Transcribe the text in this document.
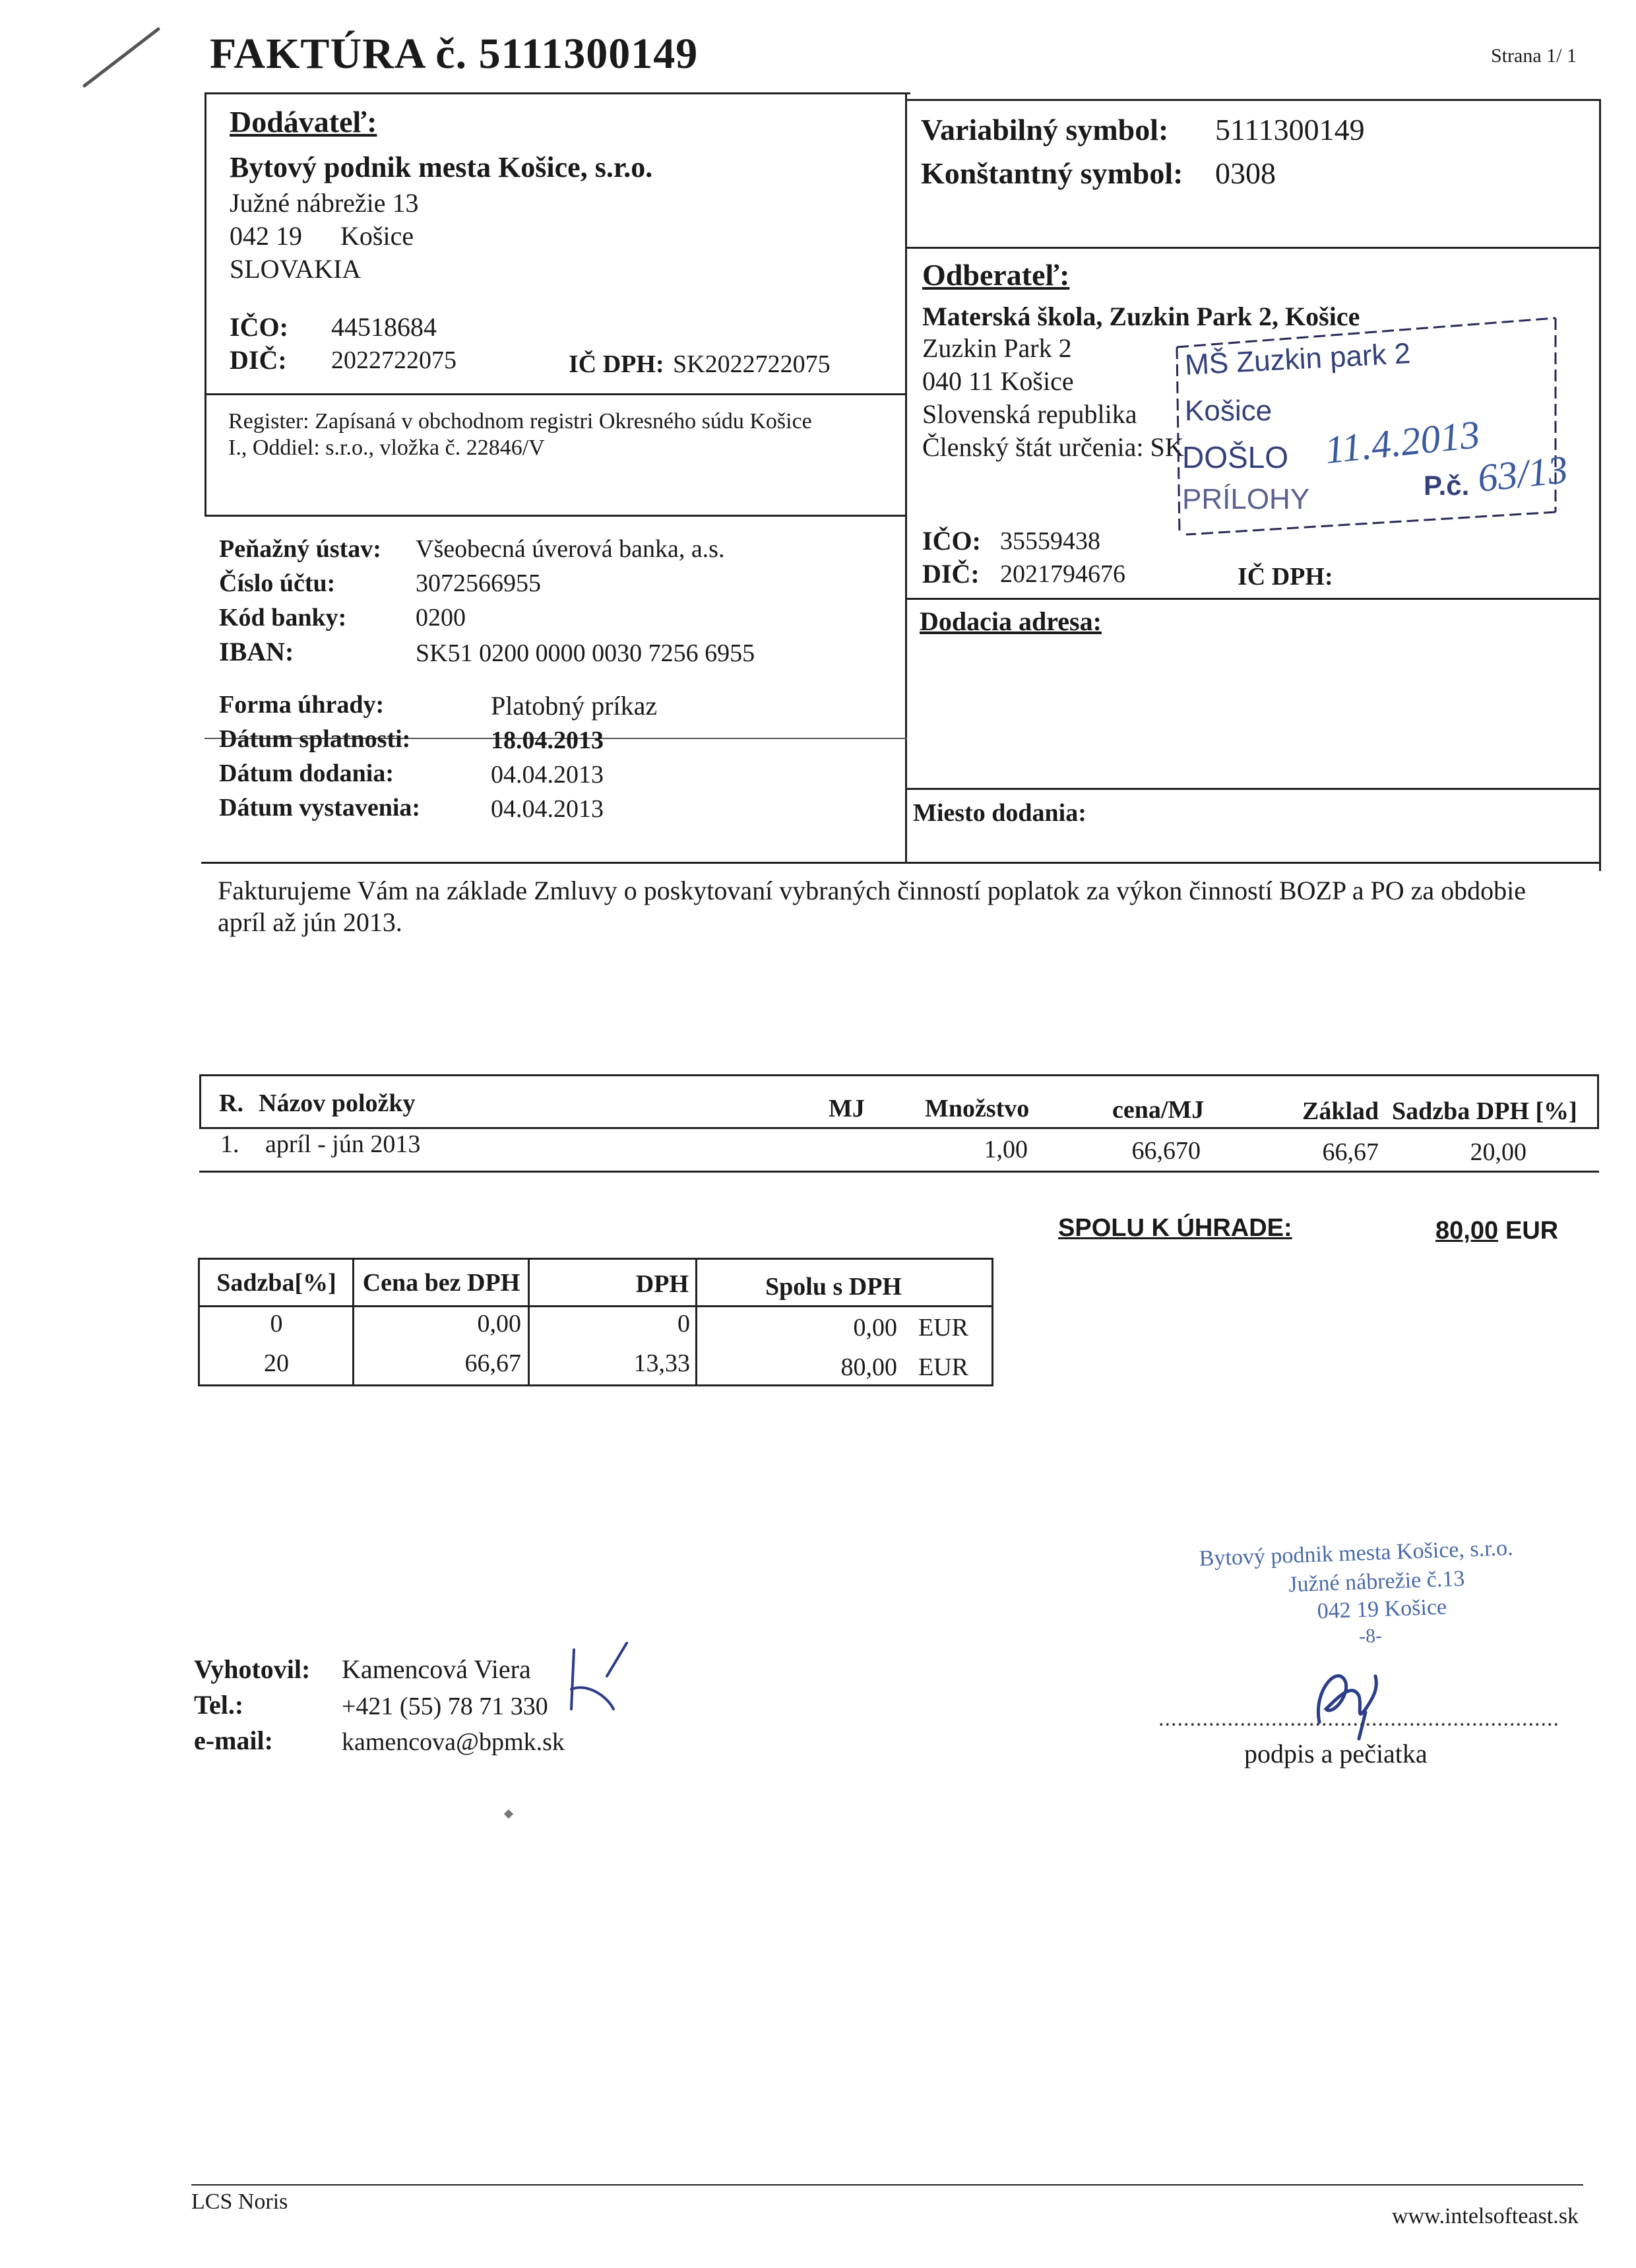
FAKTÚRA č. 5111300149	Strana 1/ 1
Dodávateľ:
Bytový podnik mesta Košice, s.r.o.
Južné nábrežie 13
042 19 Košice
SLOVAKIA
IČO: 44518684
DIČ: 2022722075	IČ DPH: SK2022722075
Register: Zapísaná v obchodnom registri Okresného súdu Košice
I., Oddiel: s.r.o., vložka č. 22846/V
Variabilný symbol: 5111300149
Konštantný symbol: 0308
Odberateľ:
Materská škola, Zuzkin Park 2, Košice
Zuzkin Park 2
040 11 Košice
Slovenská republika
Členský štát určenia: SK
IČO: 35559438
DIČ: 2021794676	IČ DPH:
MŠ Zuzkin park 2
Košice
DOŠLO 11.4.2013
PRÍLOHY	P.č. 63/13
Peňažný ústav: Všeobecná úverová banka, a.s.
Číslo účtu:	3072566955
Kód banky:	0200
IBAN:	SK51 0200 0000 0030 7256 6955
Dodacia adresa:
Miesto dodania:
Forma úhrady:	Platobný príkaz
Dátum splatnosti:	18.04.2013
Dátum dodania:	04.04.2013
Dátum vystavenia:	04.04.2013
Fakturujeme Vám na základe Zmluvy o poskytovaní vybraných činností poplatok za výkon činností BOZP a PO za obdobie
apríl až jún 2013.
R. Názov položky	MJ Množstvo	cena/MJ	Základ Sadzba DPH [%]
1. apríl - jún 2013	1,00	66,670	66,67	20,00
SPOLU K ÚHRADE:	80,00 EUR
Sadzba[%]	Cena bez DPH	DPH	Spolu s DPH
0	0,00	0	0,00 EUR
20	66,67	13,33	80,00 EUR
Bytový podnik mesta Košice, s.r.o.
Južné nábrežie č.13
042 19 Košice
-8-
................................................................
podpis a pečiatka
Vyhotovil: Kamencová Viera
Tel.:	+421 (55) 78 71 330
e-mail:	kamencova@bpmk.sk
LCS Noris
www.intelsofteast.sk
